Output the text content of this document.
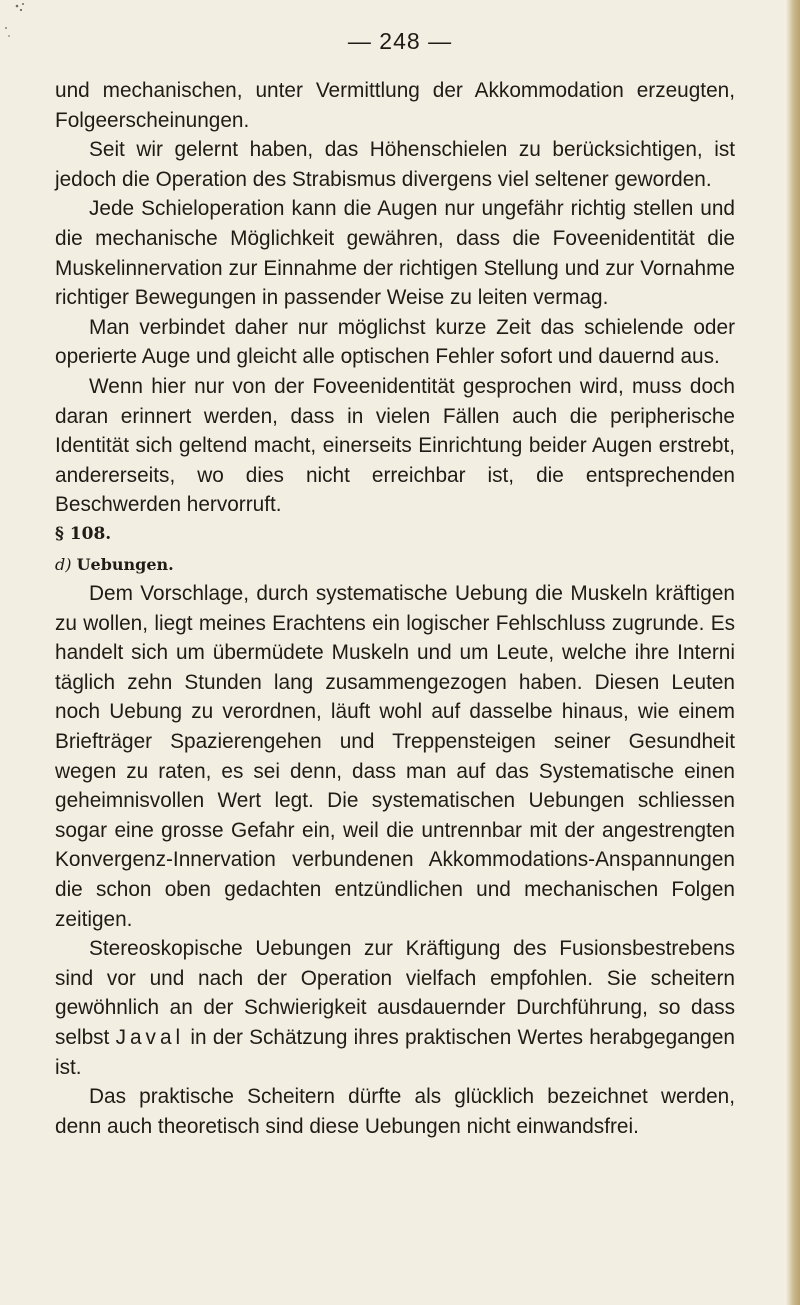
— 248 —

und mechanischen, unter Vermittlung der Akkommodation erzeugten, Folgeerscheinungen.

Seit wir gelernt haben, das Höhenschielen zu berücksichtigen, ist jedoch die Operation des Strabismus divergens viel seltener geworden.

Jede Schieloperation kann die Augen nur ungefähr richtig stellen und die mechanische Möglichkeit gewähren, dass die Foveenidentität die Muskelinnervation zur Einnahme der richtigen Stellung und zur Vornahme richtiger Bewegungen in passender Weise zu leiten vermag.

Man verbindet daher nur möglichst kurze Zeit das schielende oder operierte Auge und gleicht alle optischen Fehler sofort und dauernd aus.

Wenn hier nur von der Foveenidentität gesprochen wird, muss doch daran erinnert werden, dass in vielen Fällen auch die peripherische Identität sich geltend macht, einerseits Einrichtung beider Augen erstrebt, andererseits, wo dies nicht erreichbar ist, die entsprechenden Beschwerden hervorruft.

§ 108.

d) Uebungen.

Dem Vorschlage, durch systematische Uebung die Muskeln kräftigen zu wollen, liegt meines Erachtens ein logischer Fehlschluss zugrunde. Es handelt sich um übermüdete Muskeln und um Leute, welche ihre Interni täglich zehn Stunden lang zusammengezogen haben. Diesen Leuten noch Uebung zu verordnen, läuft wohl auf dasselbe hinaus, wie einem Briefträger Spazierengehen und Treppensteigen seiner Gesundheit wegen zu raten, es sei denn, dass man auf das Systematische einen geheimnisvollen Wert legt. Die systematischen Uebungen schliessen sogar eine grosse Gefahr ein, weil die untrennbar mit der angestrengten Konvergenz-Innervation verbundenen Akkommodations-Anspannungen die schon oben gedachten entzündlichen und mechanischen Folgen zeitigen.

Stereoskopische Uebungen zur Kräftigung des Fusionsbestrebens sind vor und nach der Operation vielfach empfohlen. Sie scheitern gewöhnlich an der Schwierigkeit ausdauernder Durchführung, so dass selbst Javal in der Schätzung ihres praktischen Wertes herabgegangen ist.

Das praktische Scheitern dürfte als glücklich bezeichnet werden, denn auch theoretisch sind diese Uebungen nicht einwandsfrei.
